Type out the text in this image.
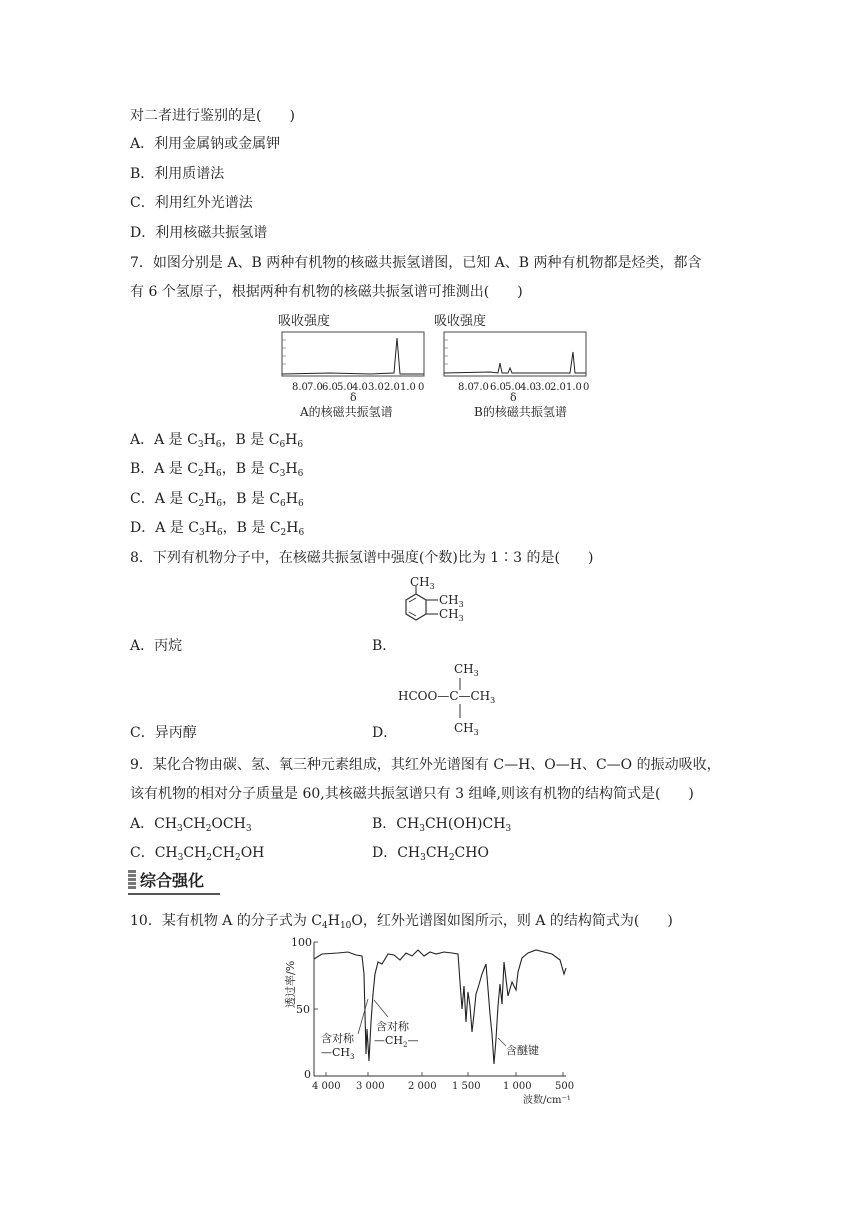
对二者进行鉴别的是(　　)
A．利用金属钠或金属钾
B．利用质谱法
C．利用红外光谱法
D．利用核磁共振氢谱
7．如图分别是 A、B 两种有机物的核磁共振氢谱图，已知 A、B 两种有机物都是烃类，都含
有 6 个氢原子，根据两种有机物的核磁共振氢谱可推测出(　　)
吸收强度
8.0 7.0 6.0 5.0 4.0 3.0 2.0 1.0 0
δ
A的核磁共振氢谱
吸收强度
8.0 7.0 6.0 5.0 4.0 3.0 2.0 1.0 0
δ
B的核磁共振氢谱
A．A 是 $C_3H_6$，B 是 $C_6H_6$
B．A 是 $C_2H_6$，B 是 $C_3H_6$
C．A 是 $C_2H_6$，B 是 $C_6H_6$
D．A 是 $C_3H_6$，B 是 $C_2H_6$
8．下列有机物分子中，在核磁共振氢谱中强度(个数)比为 1∶3 的是(　　)
$CH_3$
$CH_3$
$CH_3$
A．丙烷	B．
$CH_3$
$HCOO—C—CH_3$
$CH_3$
C．异丙醇	D．
9．某化合物由碳、氢、氧三种元素组成，其红外光谱图有 C—H、O—H、C—O 的振动吸收，
该有机物的相对分子质量是 60,其核磁共振氢谱只有 3 组峰,则该有机物的结构简式是(　　)
A．$CH_3CH_2OCH_3$	B．$CH_3CH(OH)CH_3$
C．$CH_3CH_2CH_2OH$	D．$CH_3CH_2CHO$
综合强化
10．某有机物 A 的分子式为 $C_4H_{10}O$，红外光谱图如图所示，则 A 的结构简式为(　　)
透过率/%
100
50
0
含对称
$—CH_3$
含对称
$—CH_2—$
含醚键
4 000 3 000 2 000 1 500 1 000 500
波数/cm⁻¹
